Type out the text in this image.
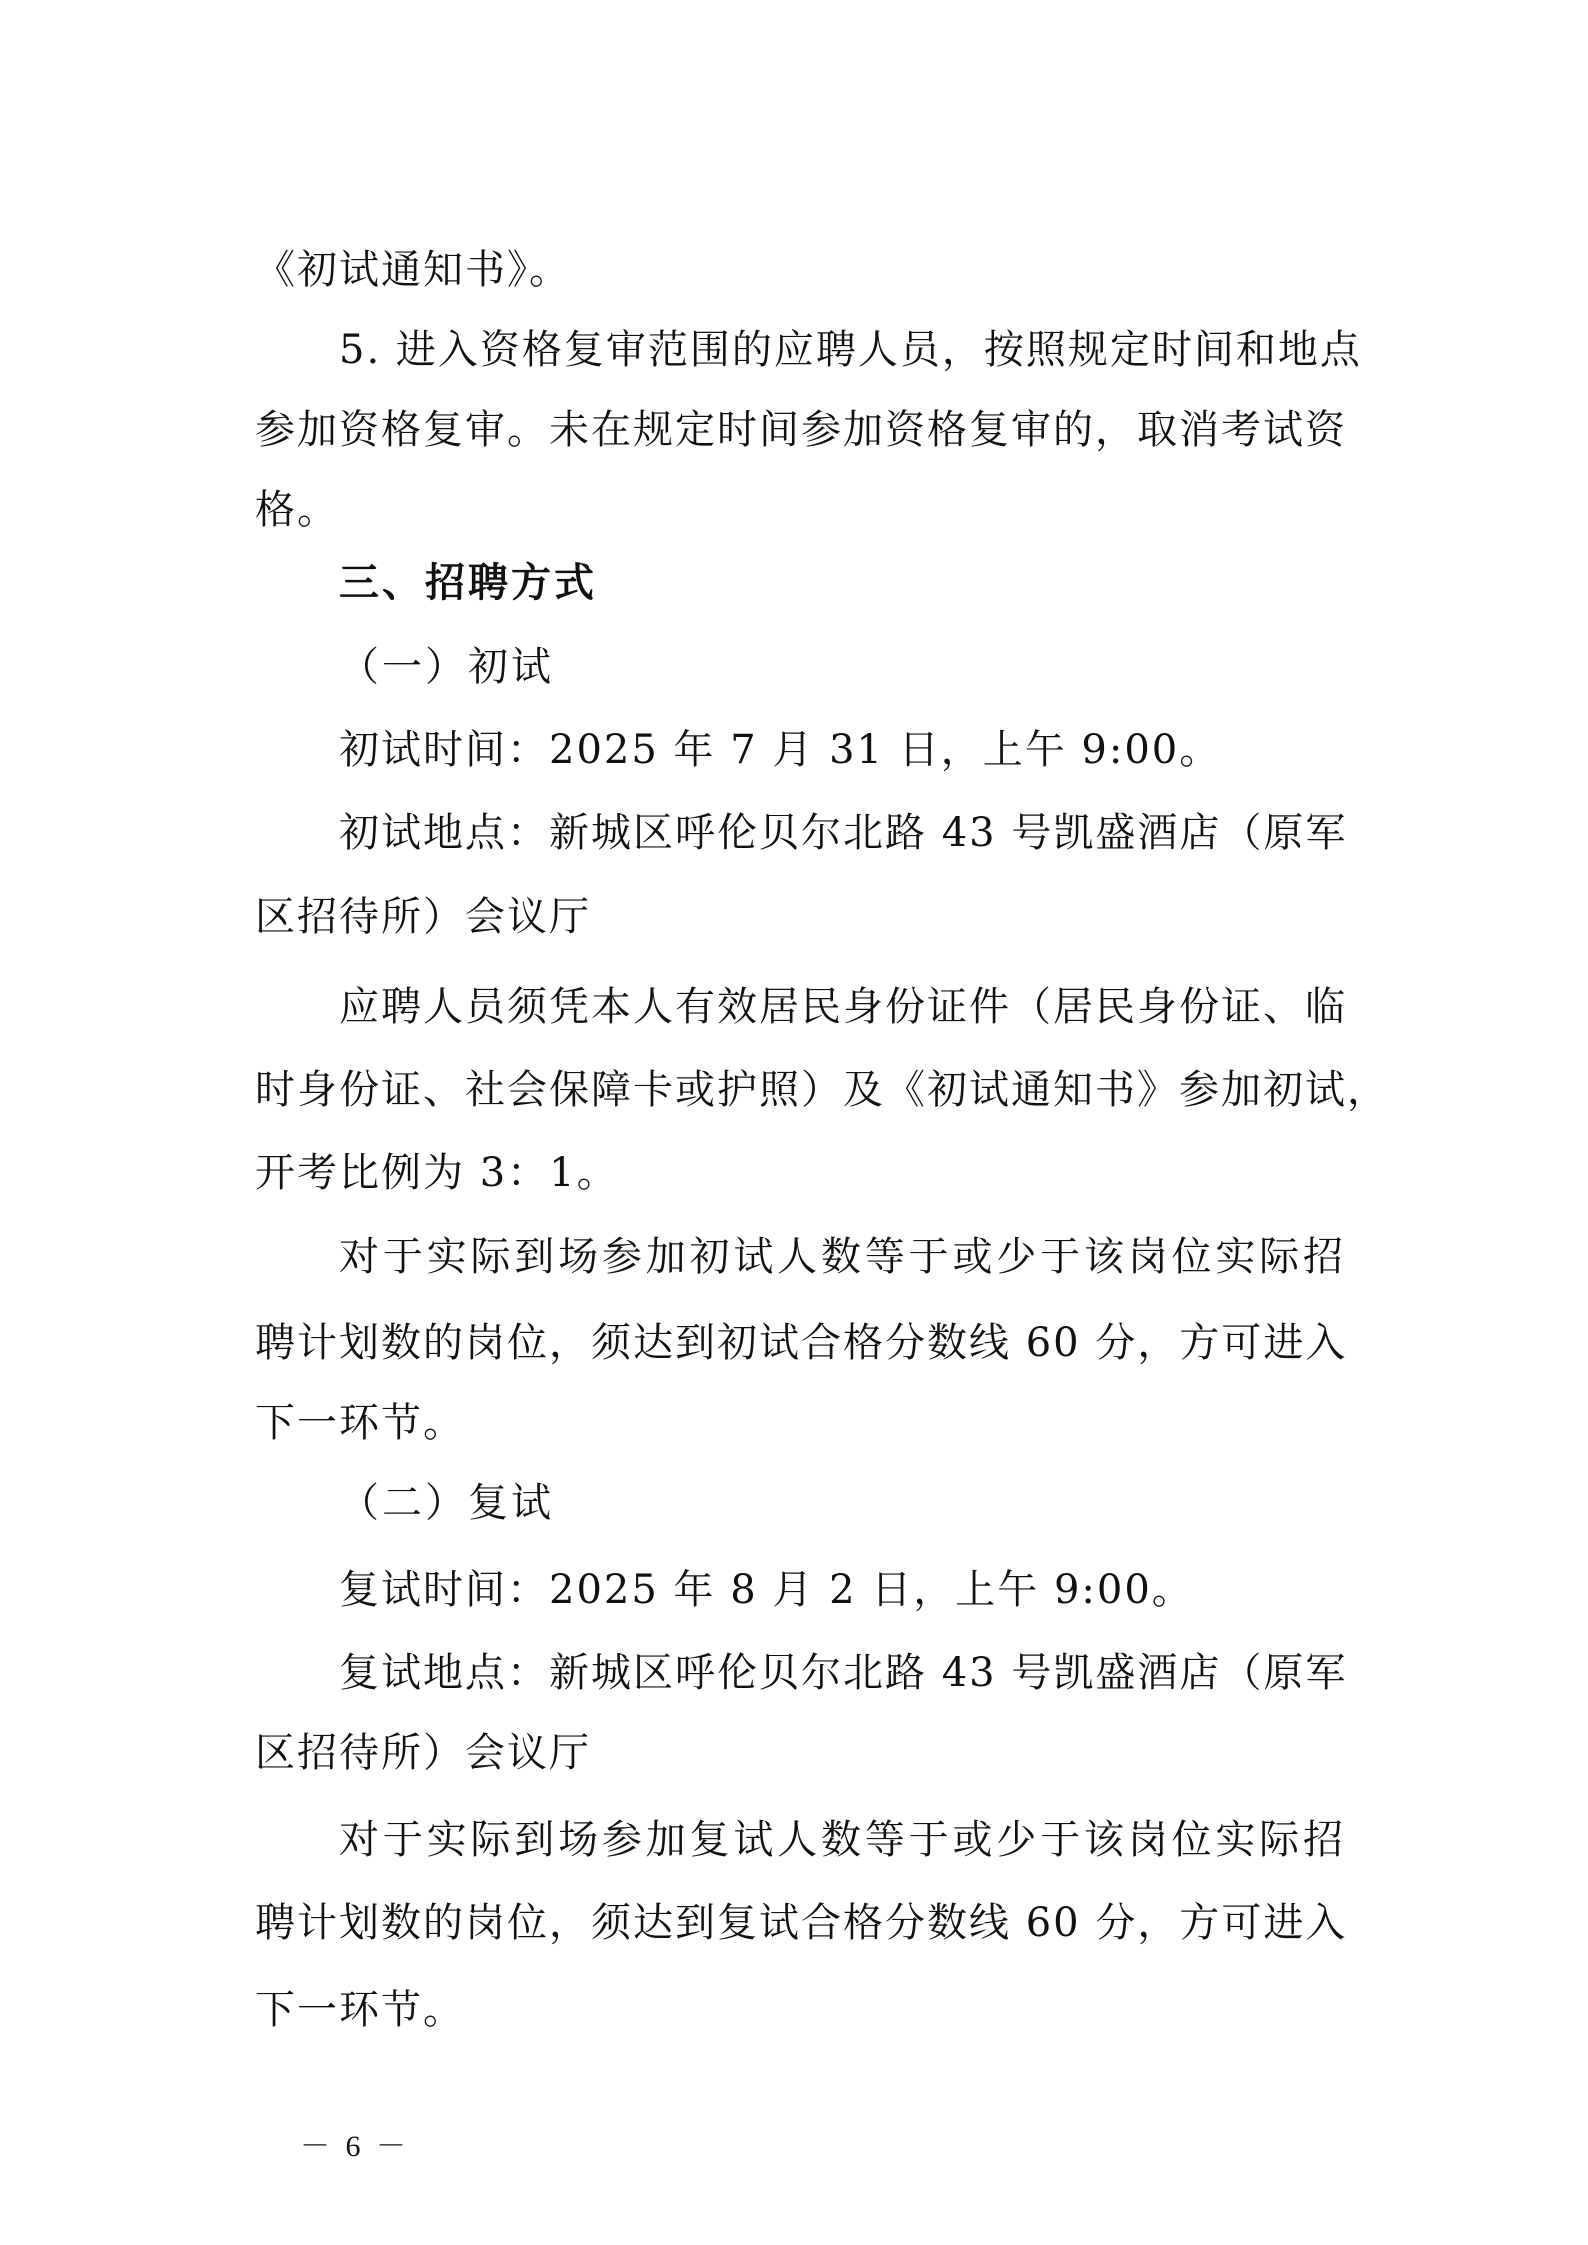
《初试通知书》。
5. 进入资格复审范围的应聘人员，按照规定时间和地点
参加资格复审。未在规定时间参加资格复审的，取消考试资
格。
三、招聘方式
（一）初试
初试时间：2025 年 7 月 31 日，上午 9:00。
初试地点：新城区呼伦贝尔北路 43 号凯盛酒店（原军
区招待所）会议厅
应聘人员须凭本人有效居民身份证件（居民身份证、临
时身份证、社会保障卡或护照）及《初试通知书》参加初试，
开考比例为 3：1。
对于实际到场参加初试人数等于或少于该岗位实际招
聘计划数的岗位，须达到初试合格分数线 60 分，方可进入
下一环节。
（二）复试
复试时间：2025 年 8 月 2 日，上午 9:00。
复试地点：新城区呼伦贝尔北路 43 号凯盛酒店（原军
区招待所）会议厅
对于实际到场参加复试人数等于或少于该岗位实际招
聘计划数的岗位，须达到复试合格分数线 60 分，方可进入
下一环节。
－ 6 －
